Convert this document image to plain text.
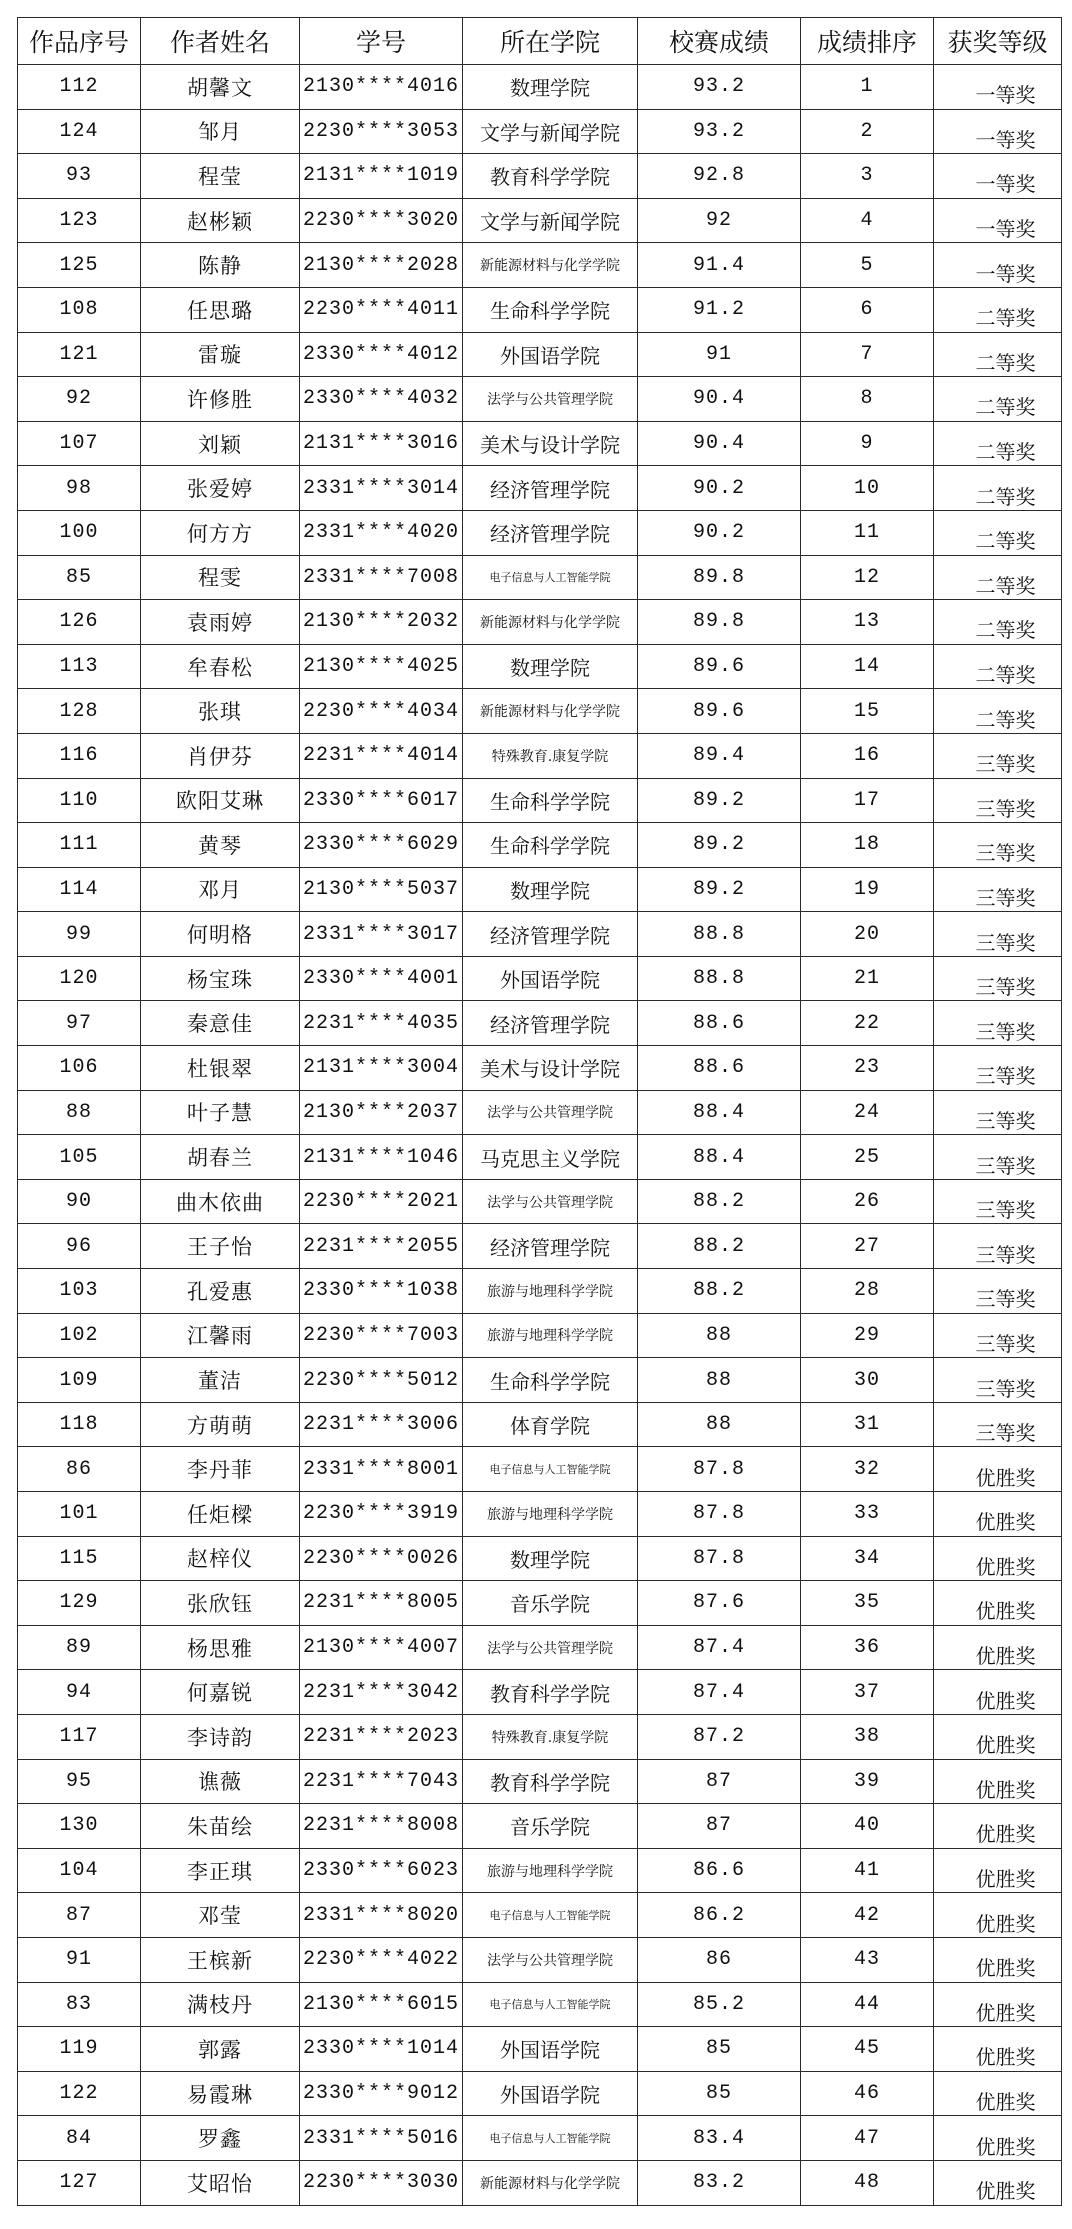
作品序号	作者姓名	学号	所在学院	校赛成绩	成绩排序	获奖等级
112	胡馨文	2130****4016	数理学院	93.2	1	一等奖
124	邹月	2230****3053	文学与新闻学院	93.2	2	一等奖
93	程莹	2131****1019	教育科学学院	92.8	3	一等奖
123	赵彬颖	2230****3020	文学与新闻学院	92	4	一等奖
125	陈静	2130****2028	新能源材料与化学学院	91.4	5	一等奖
108	任思璐	2230****4011	生命科学学院	91.2	6	二等奖
121	雷璇	2330****4012	外国语学院	91	7	二等奖
92	许修胜	2330****4032	法学与公共管理学院	90.4	8	二等奖
107	刘颖	2131****3016	美术与设计学院	90.4	9	二等奖
98	张爱婷	2331****3014	经济管理学院	90.2	10	二等奖
100	何方方	2331****4020	经济管理学院	90.2	11	二等奖
85	程雯	2331****7008	电子信息与人工智能学院	89.8	12	二等奖
126	袁雨婷	2130****2032	新能源材料与化学学院	89.8	13	二等奖
113	牟春松	2130****4025	数理学院	89.6	14	二等奖
128	张琪	2230****4034	新能源材料与化学学院	89.6	15	二等奖
116	肖伊芬	2231****4014	特殊教育.康复学院	89.4	16	三等奖
110	欧阳艾琳	2330****6017	生命科学学院	89.2	17	三等奖
111	黄琴	2330****6029	生命科学学院	89.2	18	三等奖
114	邓月	2130****5037	数理学院	89.2	19	三等奖
99	何明格	2331****3017	经济管理学院	88.8	20	三等奖
120	杨宝珠	2330****4001	外国语学院	88.8	21	三等奖
97	秦意佳	2231****4035	经济管理学院	88.6	22	三等奖
106	杜银翠	2131****3004	美术与设计学院	88.6	23	三等奖
88	叶子慧	2130****2037	法学与公共管理学院	88.4	24	三等奖
105	胡春兰	2131****1046	马克思主义学院	88.4	25	三等奖
90	曲木依曲	2230****2021	法学与公共管理学院	88.2	26	三等奖
96	王子怡	2231****2055	经济管理学院	88.2	27	三等奖
103	孔爱惠	2330****1038	旅游与地理科学学院	88.2	28	三等奖
102	江馨雨	2230****7003	旅游与地理科学学院	88	29	三等奖
109	董洁	2230****5012	生命科学学院	88	30	三等奖
118	方萌萌	2231****3006	体育学院	88	31	三等奖
86	李丹菲	2331****8001	电子信息与人工智能学院	87.8	32	优胜奖
101	任炬樑	2230****3919	旅游与地理科学学院	87.8	33	优胜奖
115	赵梓仪	2230****0026	数理学院	87.8	34	优胜奖
129	张欣钰	2231****8005	音乐学院	87.6	35	优胜奖
89	杨思雅	2130****4007	法学与公共管理学院	87.4	36	优胜奖
94	何嘉锐	2231****3042	教育科学学院	87.4	37	优胜奖
117	李诗韵	2231****2023	特殊教育.康复学院	87.2	38	优胜奖
95	谯薇	2231****7043	教育科学学院	87	39	优胜奖
130	朱苗绘	2231****8008	音乐学院	87	40	优胜奖
104	李正琪	2330****6023	旅游与地理科学学院	86.6	41	优胜奖
87	邓莹	2331****8020	电子信息与人工智能学院	86.2	42	优胜奖
91	王槟新	2230****4022	法学与公共管理学院	86	43	优胜奖
83	满枝丹	2130****6015	电子信息与人工智能学院	85.2	44	优胜奖
119	郭露	2330****1014	外国语学院	85	45	优胜奖
122	易霞琳	2330****9012	外国语学院	85	46	优胜奖
84	罗鑫	2331****5016	电子信息与人工智能学院	83.4	47	优胜奖
127	艾昭怡	2230****3030	新能源材料与化学学院	83.2	48	优胜奖
